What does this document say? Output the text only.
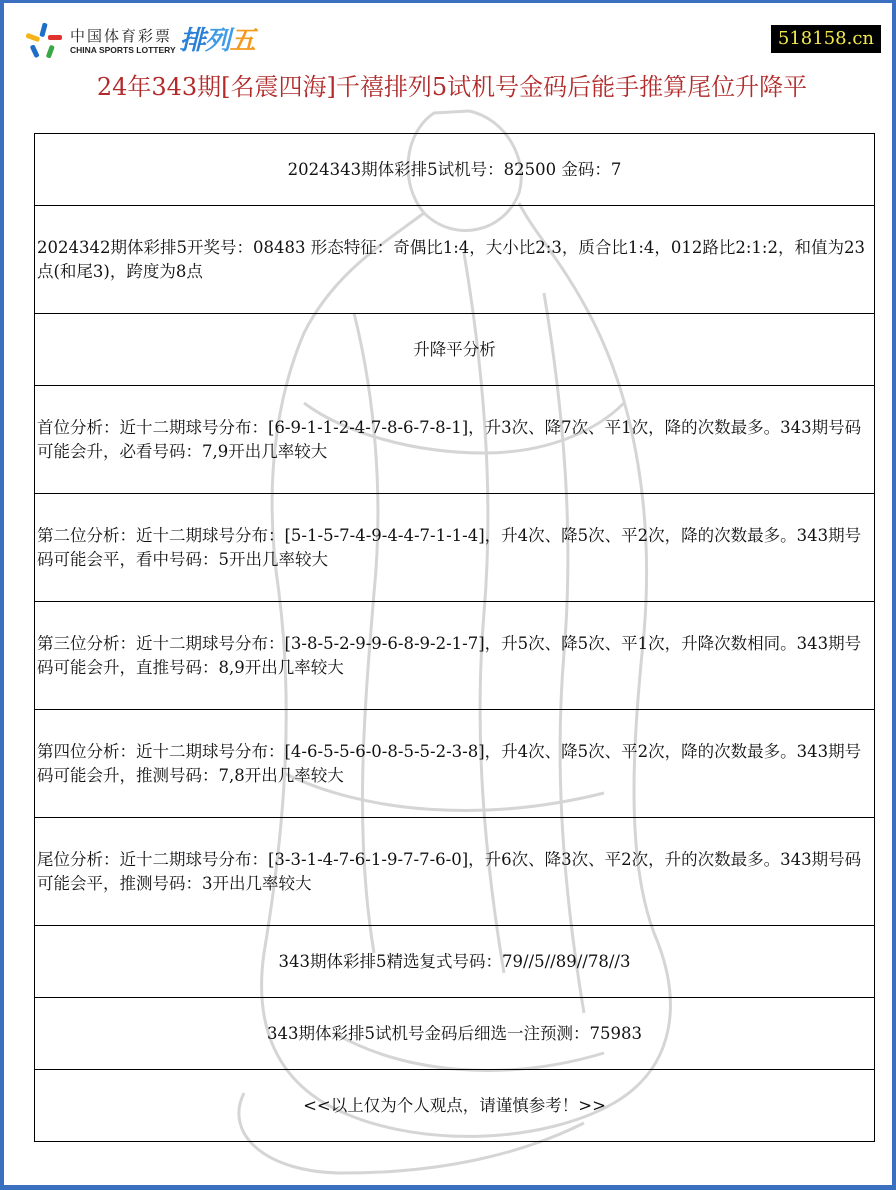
中国体育彩票
CHINA SPORTS LOTTERY 排列五	518158.cn
24年343期[名震四海]千禧排列5试机号金码后能手推算尾位升降平
2024343期体彩排5试机号：82500 金码：7
2024342期体彩排5开奖号：08483 形态特征：奇偶比1:4，大小比2:3，质合比1:4，012路比2:1:2，和值为23点(和尾3)，跨度为8点
升降平分析
首位分析：近十二期球号分布：[6-9-1-1-2-4-7-8-6-7-8-1]，升3次、降7次、平1次，降的次数最多。343期号码可能会升，必看号码：7,9开出几率较大
第二位分析：近十二期球号分布：[5-1-5-7-4-9-4-4-7-1-1-4]，升4次、降5次、平2次，降的次数最多。343期号码可能会平，看中号码：5开出几率较大
第三位分析：近十二期球号分布：[3-8-5-2-9-9-6-8-9-2-1-7]，升5次、降5次、平1次，升降次数相同。343期号码可能会升，直推号码：8,9开出几率较大
第四位分析：近十二期球号分布：[4-6-5-5-6-0-8-5-5-2-3-8]，升4次、降5次、平2次，降的次数最多。343期号码可能会升，推测号码：7,8开出几率较大
尾位分析：近十二期球号分布：[3-3-1-4-7-6-1-9-7-7-6-0]，升6次、降3次、平2次，升的次数最多。343期号码可能会平，推测号码：3开出几率较大
343期体彩排5精选复式号码：79//5//89//78//3
343期体彩排5试机号金码后细选一注预测：75983
<<以上仅为个人观点，请谨慎参考！>>
